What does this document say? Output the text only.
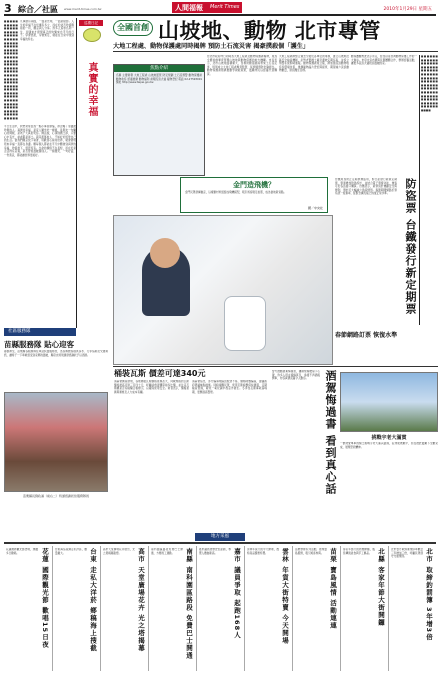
3 綜合／社區 www.merit-times.com.tw	人間福報 Merit Times	2010年1月29日 星期五
■■■■■■■■■■■■■■■■■■■■■■■■■■■■■■■■■■■■■■■■■■■■■■■■■■■■■■■■■■■■■■■■■■■■■■■■■■■■■■■■■■■■■■■■■■■■■■■■■■■■■■■■■■■■■■■■■■■■■■■■■■■■■■■■■■■■■■■■■■■■
巡禮日記
凡事總有兩面，一面是光明，一面是陰影。人生的幸福不在於擁有多少，而在於能否珍惜眼前的一切，願意與人分享。許多人追求名利一生，到頭來才發現真正的快樂來自平凡的日子。學會感恩，學會知足，就能在日常中找到幸福的所在。
真實的幸福
平日生活中，我們常常因為一點小事而煩惱，卻忽略了身邊最珍貴的人。真實的幸福，是家人圍坐吃一頓飯，是朋友一句關心的問候，是孩子天真的笑容。佛法說，心淨則國土淨，只要心中有光，處處都是淨土。與其羨慕他人，不如好好經營自己的生活。當我們願意放下執著，用歡喜心看待世界，就會發現原來幸福一直都在身邊。願每個人都能在平凡中體會到真實的幸福，珍惜當下，感恩所有。生命的價值不在長短，而在於是否活得有意義，是否曾經溫暖過別人。一個微笑、一句好話、一份善意，都能讓世界更美好。
社區服務隊
苗縣服務隊 貼心迎客
春節將至，苗栗縣各服務隊在車站設置服務台，為返鄉旅客提供茶水、行李協助及交通資訊，讓遊子一下車就感受到家鄉的溫暖，縣府也特別頒發感謝狀予以表揚。
苗栗縣長劉政鴻（前右二）特頒感謝狀給服務隊員
全國首創 山坡地、動物 北市專管
大地工程處、動物保護處同時揭牌 預防土石流災害 揭豪撲殺個「護生」
焦點介紹
名稱 主要業務 大地工程處 山坡地監管 防災規劃 土石流預警 動物保護處 動物收容 認養推廣 動物福利 處理流浪犬貓 寵物登記 電話 02-27593001 網址 http://www.taipei.gov.tw
台北市政府昨日同時為大地工程處及動物保護處揭牌，成為全國首創專責管理山坡地與動物保護的地方機關。市長表示，北市山坡地面積廣大，為預防颱風豪雨帶來土石流災害，特別成立大地工程處專責監管，從源頭預防危險發生。動物保護處則將推動零撲殺政策，鼓勵市民以認養代替購買。
大地工程處將整合過去分散於各單位的業務，建立山坡地社區安全檢查機制，針對老舊擋土牆及邊坡定期巡查，並設立預警系統即時通報。動物保護處成立後，將加強流浪動物收容所環境改善，推廣寵物晶片登記與絕育，期望減少流浪動物數量，達到護生目標。
動保團體對此表示肯定，認為這是台灣動物保護工作的一大進步。市府也宣布將與民間團體合作，舉辦認養活動，讓更多流浪犬貓找到溫暖的家。
■■■■■■■■■■■■■■■■■■■■■■■■■■■■■■■■■■■■■■■■■■■■■■■■■■■■■■■■■■■■■■■■■■■■■■■■■■■■■■■■■■■■■■■■■■■■■■
金門造飛機？
金門民眾發揮創意，以廢棄材料組裝成飛機模型，吸引遊客駐足拍照，成為當地新景點。
國／中央社	防盜票 台鐵發行新定期票
台鐵局為防止定期票遭盜用，即日起發行新版定期票，票面增加防偽設計，並結合電子票證功能，旅客可於各站窗口購買。台鐵表示，新票設計兼顧安全與便利，預計可大幅減少偽造情形。春節期間網路訂票系統一度塞車，經緊急擴充後已恢復正常水準。
春節網路訂票 恢復水準
桶裝瓦斯 價差可達340元
消基會調查發現，各地桶裝瓦斯價格差異甚大，同樣規格的瓦斯價差最高可達三百四十元，呼籲消費者購買前多比價，並注意瓦斯桶是否有檢驗合格標示，以確保使用安全。業者表示，價格差異與運費及人力成本有關。
消基會指出，部分偏遠地區因配送不易，價格明顯偏高，建議政府研議補貼措施。同時提醒民眾，使用瓦斯時應保持通風，定期檢查管線，避免一氧化碳中毒意外發生。冬季為瓦斯事故高峰期，更應提高警覺。	酒駕悔過書 看到真心話
警方推動酒駕悔過書，讓違規駕駛寫下心聲，許多人坦言後悔莫及，承諾不再酒後開車，內容真情流露令人動容。
挑戰宇老大滿貫
一群熱愛單車的騎士挑戰宇老大滿貫路線，沿途爬坡艱辛，但在彼此鼓勵下全數完成，展現堅毅精神。
地方采風
北市 取締釣罰簿 3年增3倍
北市警方取締違規停車數量三年增加三倍，呼籲民眾遵守交通規則。
北縣 客家年節大街開鑼
客家年節大街熱鬧開鑼，販售傳統美食與手工藝品。
苗栗 寶島風情 活動連連
苗栗舉辦系列活動，展現寶島風情，吸引遊客參與。
雲林 年貨大街特賣 今天開場
雲林年貨大街今天開場，農特產品優惠特賣。
嘉市 議員爭取 起跑168人
嘉市議員選舉登記起跑，參選人數創新高。
南縣 南科園區路段 免費巴士開通
南科園區路段免費巴士開通，方便員工通勤。
高市 天堂廣場花卉 光之塔揭幕
高市天堂廣場花卉展出，光之塔揭幕點燈。
台東 走私大洋菸 鄉稿海上搜截
台東海巡查獲走私洋菸，數量龐大。
花蓮 國際觀光節 歡唱15日夜
花蓮國際觀光節登場，連續多日歡唱。
